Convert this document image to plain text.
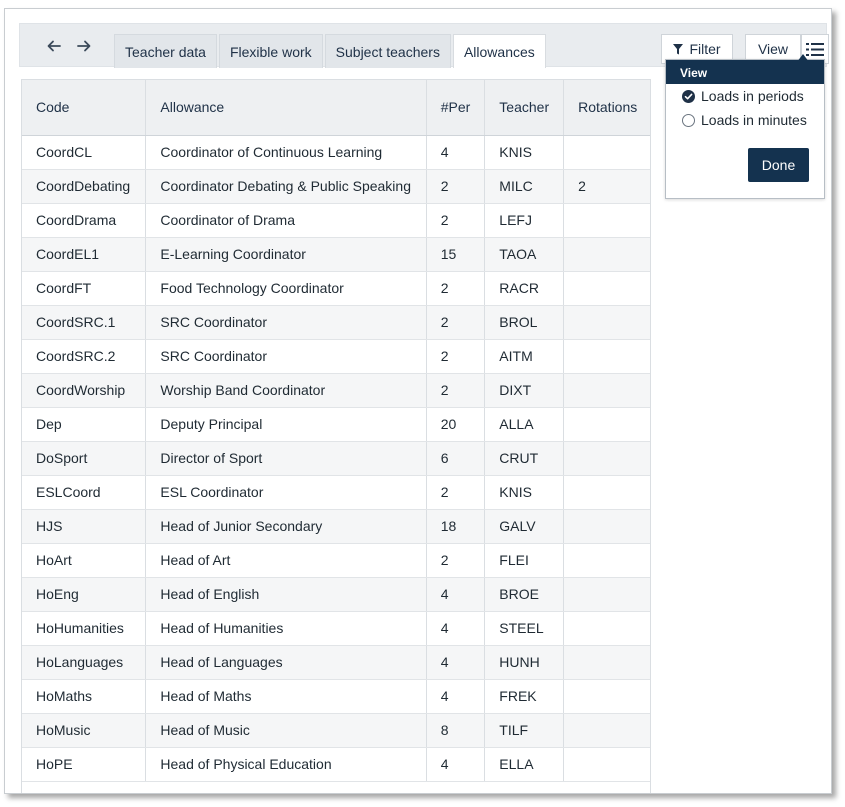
Teacher data	Flexible work	Subject teachers	Allowances	Filter	View
View
Loads in periods
Loads in minutes
Done
Code	Allowance	#Per	Teacher	Rotations
CoordCL	Coordinator of Continuous Learning	4	KNIS	
CoordDebating	Coordinator Debating & Public Speaking	2	MILC	2
CoordDrama	Coordinator of Drama	2	LEFJ	
CoordEL1	E-Learning Coordinator	15	TAOA	
CoordFT	Food Technology Coordinator	2	RACR	
CoordSRC.1	SRC Coordinator	2	BROL	
CoordSRC.2	SRC Coordinator	2	AITM	
CoordWorship	Worship Band Coordinator	2	DIXT	
Dep	Deputy Principal	20	ALLA	
DoSport	Director of Sport	6	CRUT	
ESLCoord	ESL Coordinator	2	KNIS	
HJS	Head of Junior Secondary	18	GALV	
HoArt	Head of Art	2	FLEI	
HoEng	Head of English	4	BROE	
HoHumanities	Head of Humanities	4	STEEL	
HoLanguages	Head of Languages	4	HUNH	
HoMaths	Head of Maths	4	FREK	
HoMusic	Head of Music	8	TILF	
HoPE	Head of Physical Education	4	ELLA	
